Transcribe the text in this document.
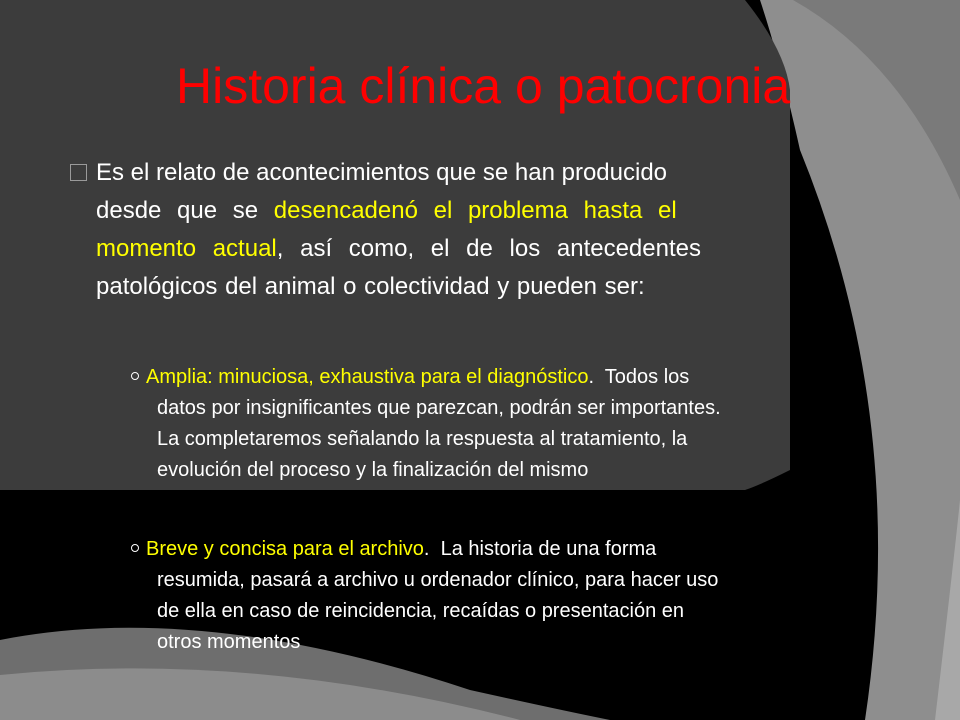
Historia clínica o patocronia
Es el relato de acontecimientos que se han producido
desde que se desencadenó el problema hasta el
momento actual , así como, el de los antecedentes
patológicos del animal o colectividad y pueden ser:
Amplia: minuciosa, exhaustiva para el diagnóstico.  Todos los
datos por insignificantes que parezcan, podrán ser importantes.
La completaremos señalando la respuesta al tratamiento, la
evolución del proceso y la finalización del mismo
Breve y concisa para el archivo.  La historia de una forma
resumida, pasará a archivo u ordenador clínico, para hacer uso
de ella en caso de reincidencia, recaídas o presentación en
otros momentos
